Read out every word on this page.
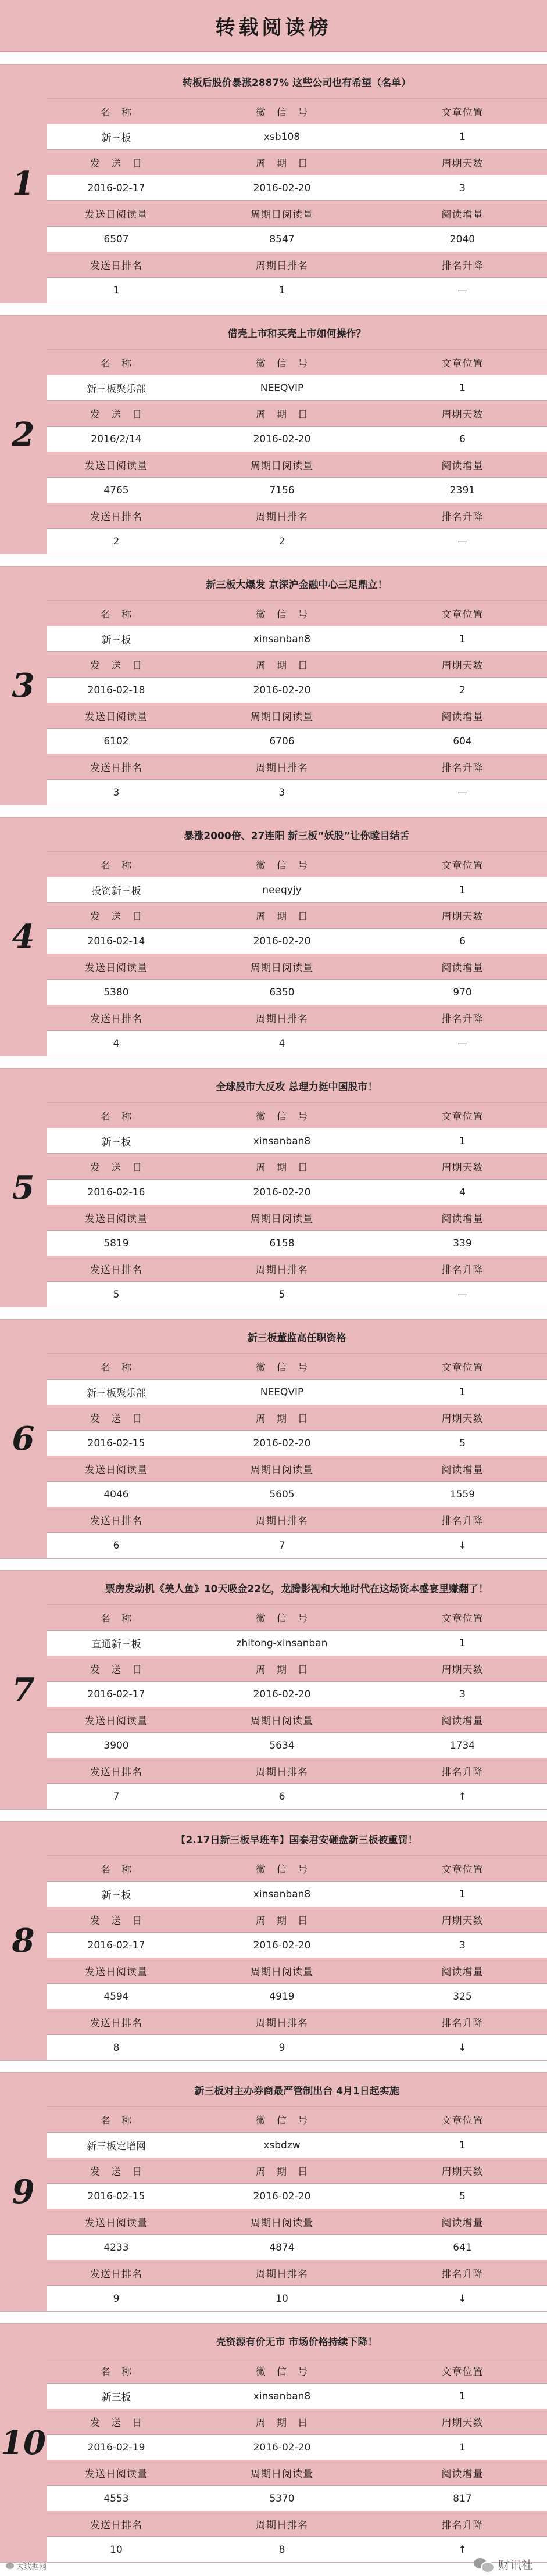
转载阅读榜
1
转板后股价暴涨2887% 这些公司也有希望（名单）
名　称	微　信　号	文章位置
新三板	xsb108	1
发　送　日	周　期　日	周期天数
2016-02-17	2016-02-20	3
发送日阅读量	周期日阅读量	阅读增量
6507	8547	2040
发送日排名	周期日排名	排名升降
1	1	—
2
借壳上市和买壳上市如何操作？
名　称	微　信　号	文章位置
新三板聚乐部	NEEQVIP	1
发　送　日	周　期　日	周期天数
2016/2/14	2016-02-20	6
发送日阅读量	周期日阅读量	阅读增量
4765	7156	2391
发送日排名	周期日排名	排名升降
2	2	—
3
新三板大爆发 京深沪金融中心三足鼎立！
名　称	微　信　号	文章位置
新三板	xinsanban8	1
发　送　日	周　期　日	周期天数
2016-02-18	2016-02-20	2
发送日阅读量	周期日阅读量	阅读增量
6102	6706	604
发送日排名	周期日排名	排名升降
3	3	—
4
暴涨2000倍、27连阳 新三板“妖股”让你瞠目结舌
名　称	微　信　号	文章位置
投资新三板	neeqyjy	1
发　送　日	周　期　日	周期天数
2016-02-14	2016-02-20	6
发送日阅读量	周期日阅读量	阅读增量
5380	6350	970
发送日排名	周期日排名	排名升降
4	4	—
5
全球股市大反攻 总理力挺中国股市！
名　称	微　信　号	文章位置
新三板	xinsanban8	1
发　送　日	周　期　日	周期天数
2016-02-16	2016-02-20	4
发送日阅读量	周期日阅读量	阅读增量
5819	6158	339
发送日排名	周期日排名	排名升降
5	5	—
6
新三板董监高任职资格
名　称	微　信　号	文章位置
新三板聚乐部	NEEQVIP	1
发　送　日	周　期　日	周期天数
2016-02-15	2016-02-20	5
发送日阅读量	周期日阅读量	阅读增量
4046	5605	1559
发送日排名	周期日排名	排名升降
6	7	↓
7
票房发动机《美人鱼》10天吸金22亿，龙腾影视和大地时代在这场资本盛宴里赚翻了！
名　称	微　信　号	文章位置
直通新三板	zhitong-xinsanban	1
发　送　日	周　期　日	周期天数
2016-02-17	2016-02-20	3
发送日阅读量	周期日阅读量	阅读增量
3900	5634	1734
发送日排名	周期日排名	排名升降
7	6	↑
8
【2.17日新三板早班车】国泰君安砸盘新三板被重罚！
名　称	微　信　号	文章位置
新三板	xinsanban8	1
发　送　日	周　期　日	周期天数
2016-02-17	2016-02-20	3
发送日阅读量	周期日阅读量	阅读增量
4594	4919	325
发送日排名	周期日排名	排名升降
8	9	↓
9
新三板对主办券商最严管制出台 4月1日起实施
名　称	微　信　号	文章位置
新三板定增网	xsbdzw	1
发　送　日	周　期　日	周期天数
2016-02-15	2016-02-20	5
发送日阅读量	周期日阅读量	阅读增量
4233	4874	641
发送日排名	周期日排名	排名升降
9	10	↓
10
壳资源有价无市 市场价格持续下降！
名　称	微　信　号	文章位置
新三板	xinsanban8	1
发　送　日	周　期　日	周期天数
2016-02-19	2016-02-20	1
发送日阅读量	周期日阅读量	阅读增量
4553	5370	817
发送日排名	周期日排名	排名升降
10	8	↑
大数据网	财讯社
